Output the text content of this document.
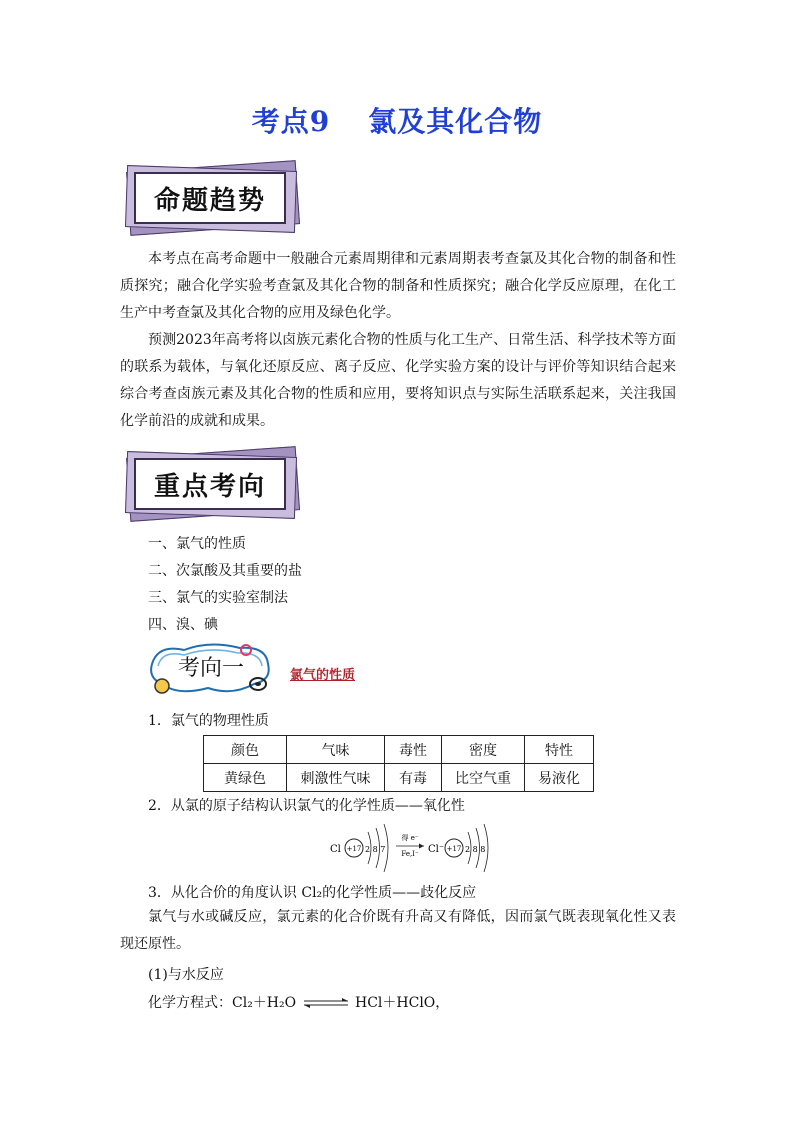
考点9 氯及其化合物
命题趋势

本考点在高考命题中一般融合元素周期律和元素周期表考查氯及其化合物的制备和性质探究；融合化学实验考查氯及其化合物的制备和性质探究；融合化学反应原理，在化工生产中考查氯及其化合物的应用及绿色化学。

预测2023年高考将以卤族元素化合物的性质与化工生产、日常生活、科学技术等方面的联系为载体，与氧化还原反应、离子反应、化学实验方案的设计与评价等知识结合起来综合考查卤族元素及其化合物的性质和应用，要将知识点与实际生活联系起来，关注我国化学前沿的成就和成果。

重点考向
一、氯气的性质
二、次氯酸及其重要的盐
三、氯气的实验室制法
四、溴、碘
考向一	氯气的性质
1．氯气的物理性质
颜色	气味	毒性	密度	特性
黄绿色	刺激性气味	有毒	比空气重	易液化
2．从氯的原子结构认识氯气的化学性质——氧化性
Cl +17 2 8 7
得 e⁻
Fe,I⁻ Cl⁻ +17 2 8 8
3．从化合价的角度认识 Cl₂的化学性质——歧化反应

氯气与水或碱反应，氯元素的化合价既有升高又有降低，因而氯气既表现氧化性又表现还原性。

(1)与水反应
化学方程式：Cl₂＋H₂O ⇌ HCl＋HClO，
